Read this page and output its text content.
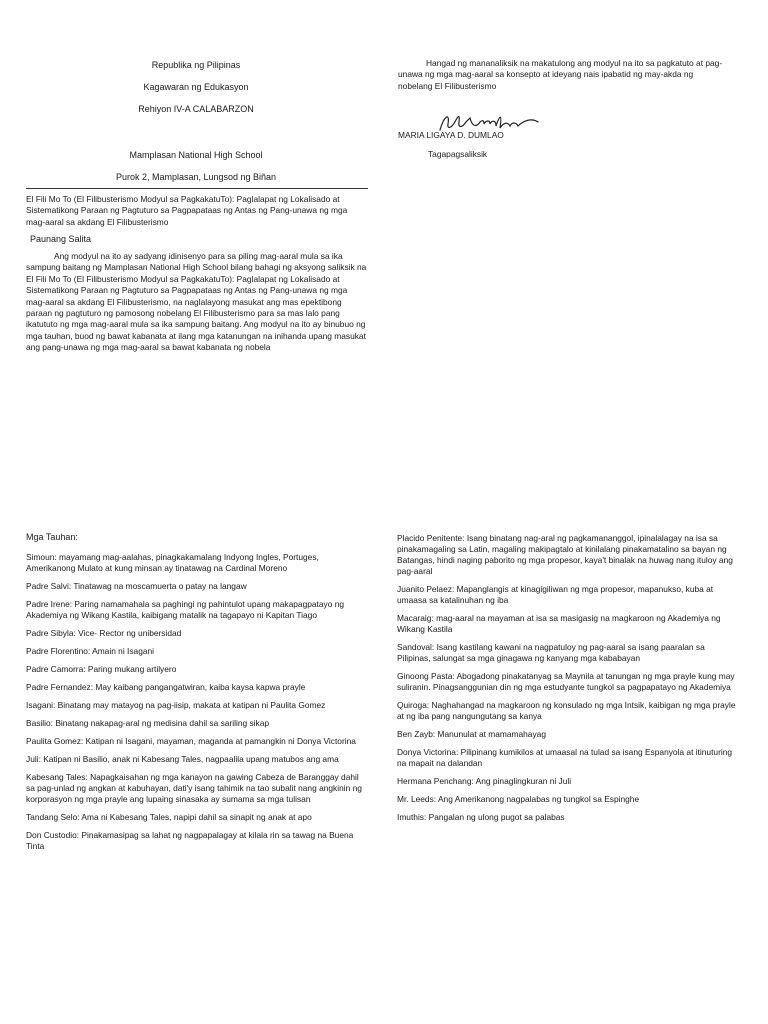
Republika ng Pilipinas
Kagawaran ng Edukasyon
Rehiyon IV-A CALABARZON
Mamplasan National High School
Purok 2, Mamplasan, Lungsod ng Biñan
El Fili Mo To (El Filibusterismo Modyul sa PagkakatuTo): Paglalapat ng Lokalisado at Sistematikong Paraan ng Pagtuturo sa Pagpapataas ng Antas ng Pang-unawa ng mga mag-aaral sa akdang El Filibusterismo
Paunang Salita
Ang modyul na ito ay sadyang idinisenyo para sa piling mag-aaral mula sa ika sampung baitang ng Mamplasan National High School bilang bahagi ng aksyong saliksik na El Fili Mo To (El Filibusterismo Modyul sa PagkakatuTo): Paglalapat ng Lokalisado at Sistematikong Paraan ng Pagtuturo sa Pagpapataas ng Antas ng Pang-unawa ng mga mag-aaral sa akdang El Filibusterismo, na naglalayong masukat ang mas epektibong paraan ng pagtuturo ng pamosong nobelang El Filibusterismo para sa mas lalo pang ikatututo ng mga mag-aaral mula sa ika sampung baitang. Ang modyul na ito ay binubuo ng mga tauhan, buod ng bawat kabanata at ilang mga katanungan na inihanda upang masukat ang pang-unawa ng mga mag-aaral sa bawat kabanata ng nobela
Hangad ng mananaliksik na makatulong ang modyul na ito sa pagkatuto at pag-unawa ng mga mag-aaral sa konsepto at ideyang nais ipabatid ng may-akda ng nobelang El Filibusterismo
MARIA LIGAYA D. DUMLAO
Tagapagsaliksik
Mga Tauhan:

Simoun: mayamang mag-aalahas, pinagkakamalang Indyong Ingles, Portuges, Amerikanong Mulato at kung minsan ay tinatawag na Cardinal Moreno

Padre Salvi: Tinatawag na moscamuerta o patay na langaw

Padre Irene: Paring namamahala sa paghingi ng pahintulot upang makapagpatayo ng Akademiya ng Wikang Kastila, kaibigang matalik na tagapayo ni Kapitan Tiago

Padre Sibyla: Vice- Rector ng unibersidad

Padre Florentino: Amain ni Isagani

Padre Camorra: Paring mukang artilyero

Padre Fernandez: May kaibang pangangatwiran, kaiba kaysa kapwa prayle

Isagani: Binatang may matayog na pag-iisip, makata at katipan ni Paulita Gomez

Basilio: Binatang nakapag-aral ng medisina dahil sa sariling sikap

Paulita Gomez: Katipan ni Isagani, mayaman, maganda at pamangkin ni Donya Victorina

Juli: Katipan ni Basilio, anak ni Kabesang Tales, nagpaalila upang matubos ang ama

Kabesang Tales: Napagkaisahan ng mga kanayon na gawing Cabeza de Baranggay dahil sa pag-unlad ng angkan at kabuhayan, dati'y isang tahimik na tao subalit nang angkinin ng korporasyon ng mga prayle ang lupaing sinasaka ay sumama sa mga tulisan

Tandang Selo: Ama ni Kabesang Tales, napipi dahil sa sinapit ng anak at apo

Don Custodio: Pinakamasipag sa lahat ng nagpapalagay at kilala rin sa tawag na Buena Tinta

Placido Penitente: Isang binatang nag-aral ng pagkamananggol, ipinalalagay na isa sa pinakamagaling sa Latin, magaling makipagtalo at kinilalang pinakamatalino sa bayan ng Batangas, hindi naging paborito ng mga propesor, kaya't binalak na huwag nang ituloy ang pag-aaral

Juanito Pelaez: Mapanglangis at kinagigiliwan ng mga propesor, mapanukso, kuba at umaasa sa katalinuhan ng iba

Macaraig: mag-aaral na mayaman at isa sa masigasig na magkaroon ng Akademiya ng Wikang Kastila

Sandoval: Isang kastilang kawani na nagpatuloy ng pag-aaral sa isang paaralan sa Pilipinas, salungat sa mga ginagawa ng kanyang mga kababayan

Ginoong Pasta: Abogadong pinakatanyag sa Maynila at tanungan ng mga prayle kung may suliranin. Pinagsanggunian din ng mga estudyante tungkol sa pagpapatayo ng Akademiya

Quiroga: Naghahangad na magkaroon ng konsulado ng mga Intsik, kaibigan ng mga prayle at ng iba pang nangungutang sa kanya

Ben Zayb: Manunulat at mamamahayag

Donya Victorina: Pilipinang kumikilos at umaasal na tulad sa isang Espanyola at itinuturing na mapait na dalandan

Hermana Penchang: Ang pinaglingkuran ni Juli

Mr. Leeds: Ang Amerikanong nagpalabas ng tungkol sa Espinghe

Imuthis: Pangalan ng ulong pugot sa palabas
